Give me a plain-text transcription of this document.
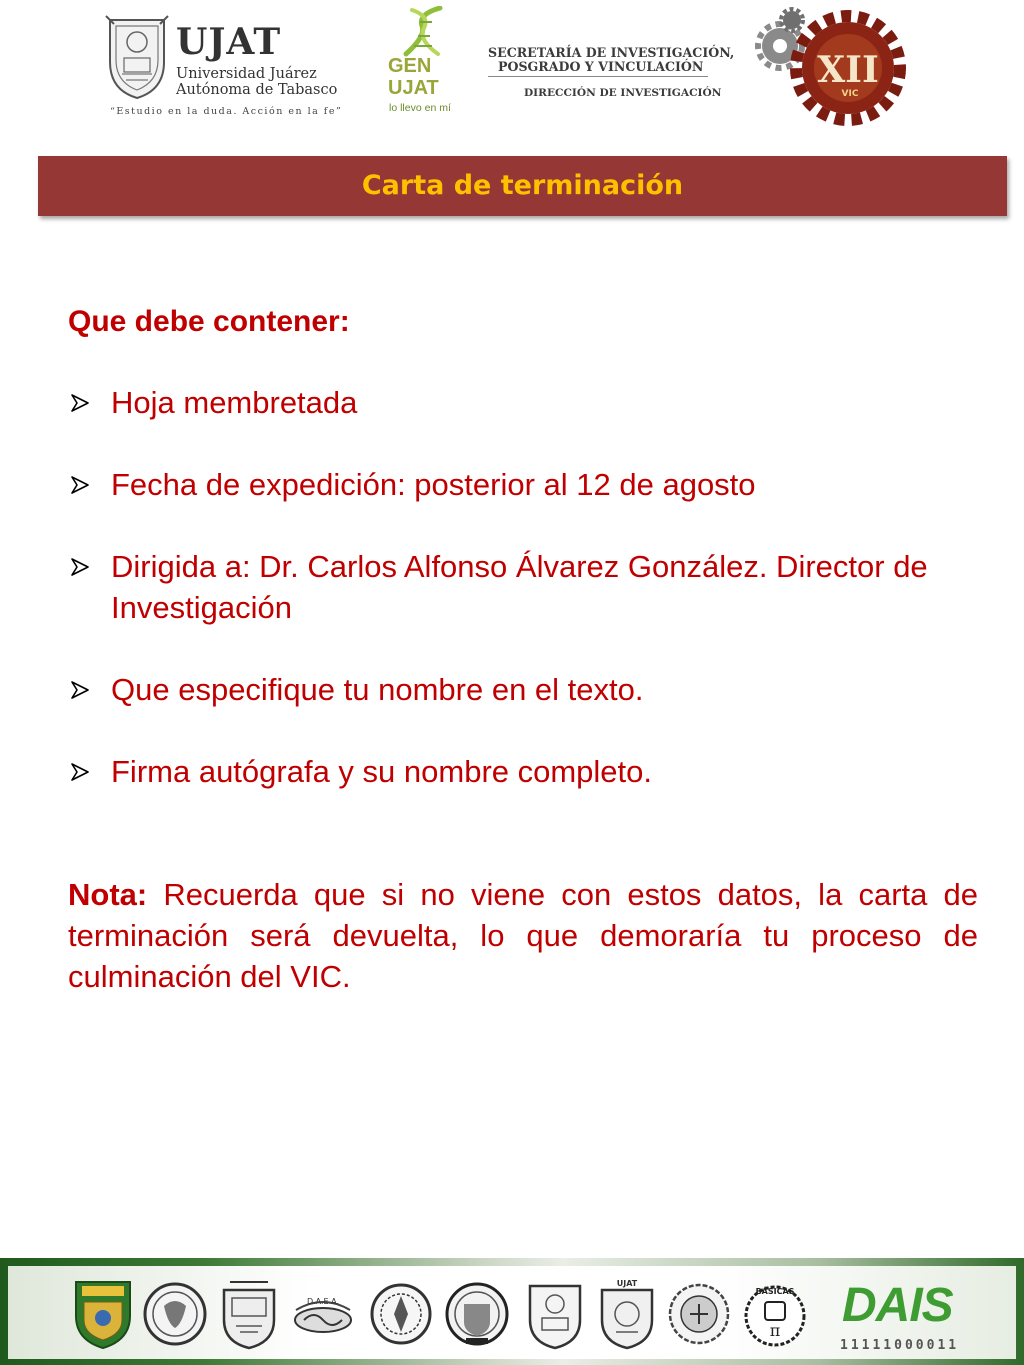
UJAT
Universidad Juárez
Autónoma de Tabasco
“Estudio en la duda. Acción en la fe”
GEN
UJAT
lo llevo en mí
SECRETARÍA DE INVESTIGACIÓN,
POSGRADO Y VINCULACIÓN
DIRECCIÓN DE INVESTIGACIÓN
XII
VIC
Carta de terminación
Que debe contener:
Hoja membretada
Fecha de expedición: posterior al 12 de agosto
Dirigida a: Dr. Carlos Alfonso Álvarez González. Director de Investigación
Que especifique tu nombre en el texto.
Firma autógrafa y su nombre completo.

Nota: Recuerda que si no viene con estos datos, la carta de terminación será devuelta, lo que demoraría tu proceso de culminación del VIC.

D.A.E.A.
UJAT
BÁSICAS
π DAIS
11111000011
